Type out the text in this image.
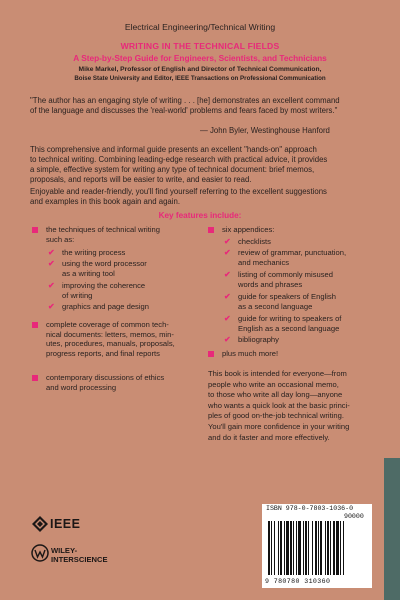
Electrical Engineering/Technical Writing
WRITING IN THE TECHNICAL FIELDS
A Step-by-Step Guide for Engineers, Scientists, and Technicians
Mike Markel, Professor of English and Director of Technical Communication,
Boise State University and Editor, IEEE Transactions on Professional Communication
"The author has an engaging style of writing . . . [he] demonstrates an excellent command
of the language and discusses the 'real-world' problems and fears faced by most writers."
— John Byler, Westinghouse Hanford
This comprehensive and informal guide presents an excellent "hands-on" approach
to technical writing. Combining leading-edge research with practical advice, it provides
a simple, effective system for writing any type of technical document: brief memos,
proposals, and reports will be easier to write, and easier to read.
Enjoyable and reader-friendly, you'll find yourself referring to the excellent suggestions
and examples in this book again and again.
Key features include:
the techniques of technical writing
such as:
✔ the writing process
✔ using the word processor
as a writing tool
✔ improving the coherence
of writing
✔ graphics and page design
complete coverage of common tech-
nical documents: letters, memos, min-
utes, procedures, manuals, proposals,
progress reports, and final reports
contemporary discussions of ethics
and word processing
six appendices:
✔ checklists
✔ review of grammar, punctuation,
and mechanics
✔ listing of commonly misused
words and phrases
✔ guide for speakers of English
as a second language
✔ guide for writing to speakers of
English as a second language
✔ bibliography
plus much more!
This book is intended for everyone—from
people who write an occasional memo,
to those who write all day long—anyone
who wants a quick look at the basic princi-
ples of good on-the-job technical writing.
You'll gain more confidence in your writing
and do it faster and more effectively.
IEEE
WILEY-
INTERSCIENCE
ISBN 978-0-7803-1036-0
90000
9 780780 310360
